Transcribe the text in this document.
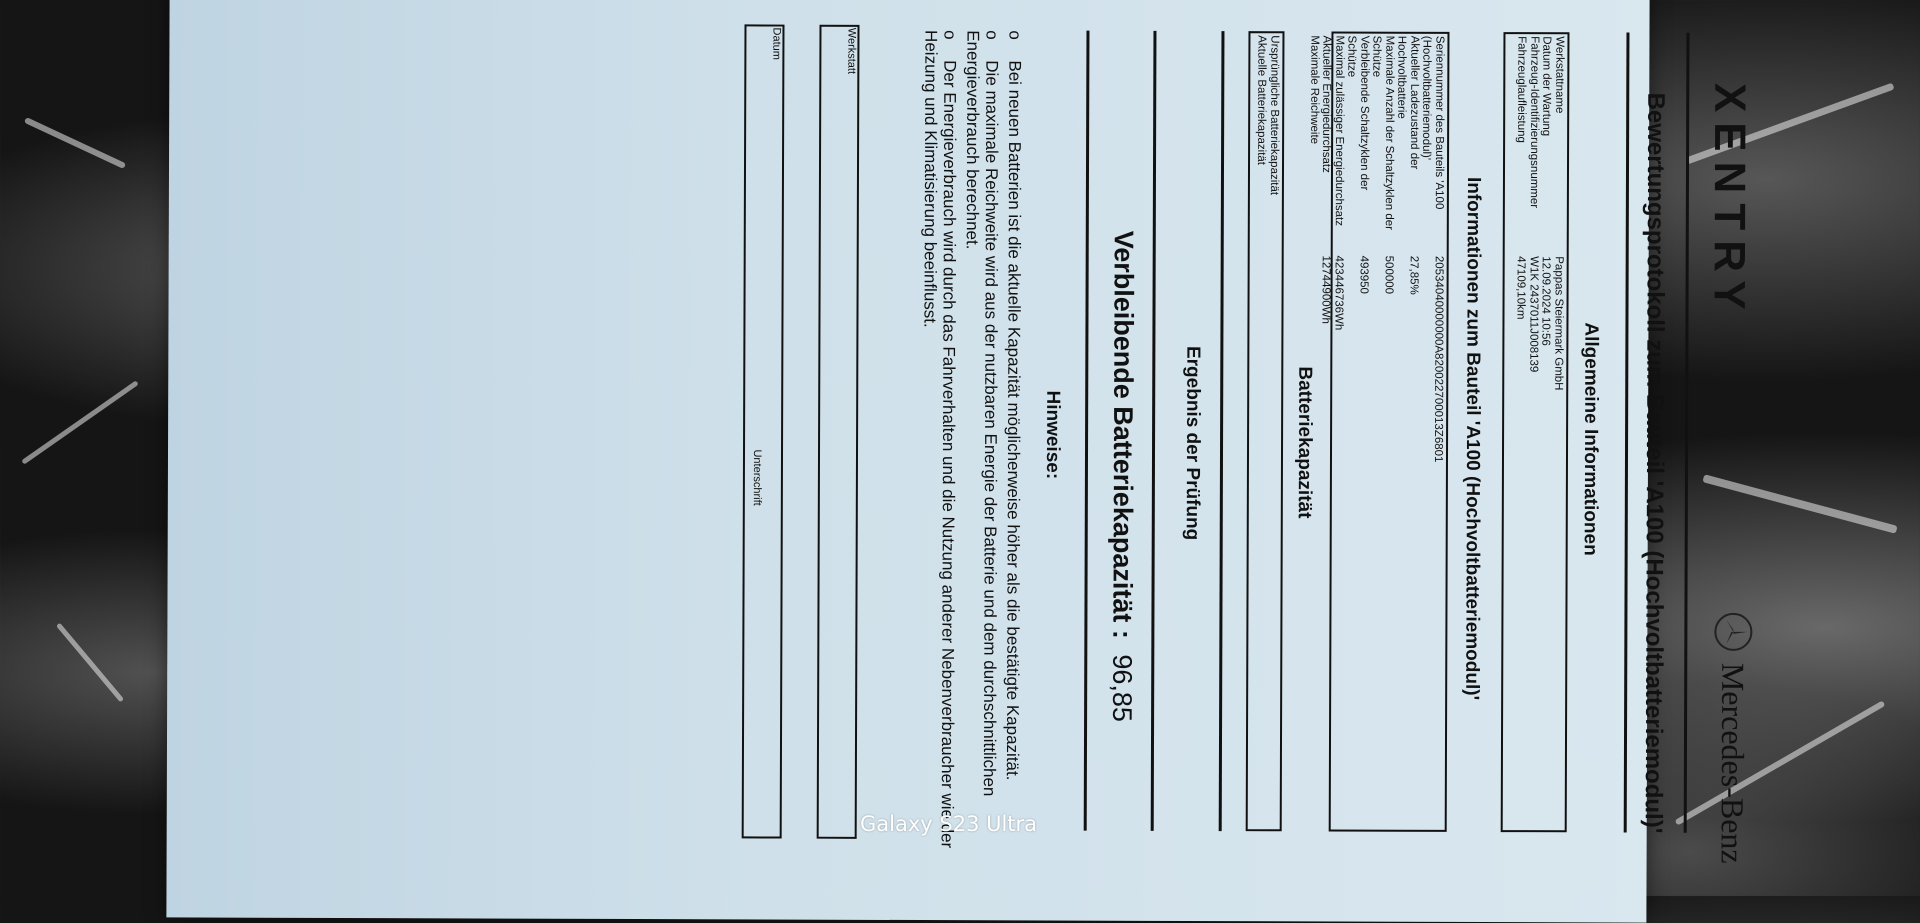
XENTRY
Mercedes-Benz
Bewertungsprotokoll zum Bauteil 'A100 (Hochvoltbatteriemodul)'
Allgemeine Informationen
Werkstattname
Pappas Steiermark GmbH
Datum der Wartung
12.09.2024 10:56
Fahrzeug-Identifizierungsnummer
W1K 2437011J008139
Fahrzeuglaufleistung
47109,10km
Informationen zum Bauteil 'A100 (Hochvoltbatteriemodul)'
Seriennummer des Bauteils 'A100 (Hochvoltbatteriemodul)'
20534040000000A820022700013Z6801
Aktueller Ladezustand der Hochvoltbatterie
27,85%
Maximale Anzahl der Schaltzyklen der Schütze
500000
Verbleibende Schaltzyklen der Schütze
493950
Maximal zulässiger Energiedurchsatz
423446736Wh
Aktueller Energiedurchsatz
12744900Wh
Maximale Reichweite
Batteriekapazität
Ursprüngliche Batteriekapazität
Aktuelle Batteriekapazität
Ergebnis der Prüfung
Verbleibende Batteriekapazität : 96,85
Hinweise:
oBei neuen Batterien ist die aktuelle Kapazität möglicherweise höher als die bestätigte Kapazität.
oDie maximale Reichweite wird aus der nutzbaren Energie der Batterie und dem durchschnittlichen Energieverbrauch berechnet.
oDer Energieverbrauch wird durch das Fahrverhalten und die Nutzung anderer Nebenverbraucher wie der Heizung und Klimatisierung beeinflusst.
Werkstatt
Datum
Unterschrift
Galaxy S23 Ultra
